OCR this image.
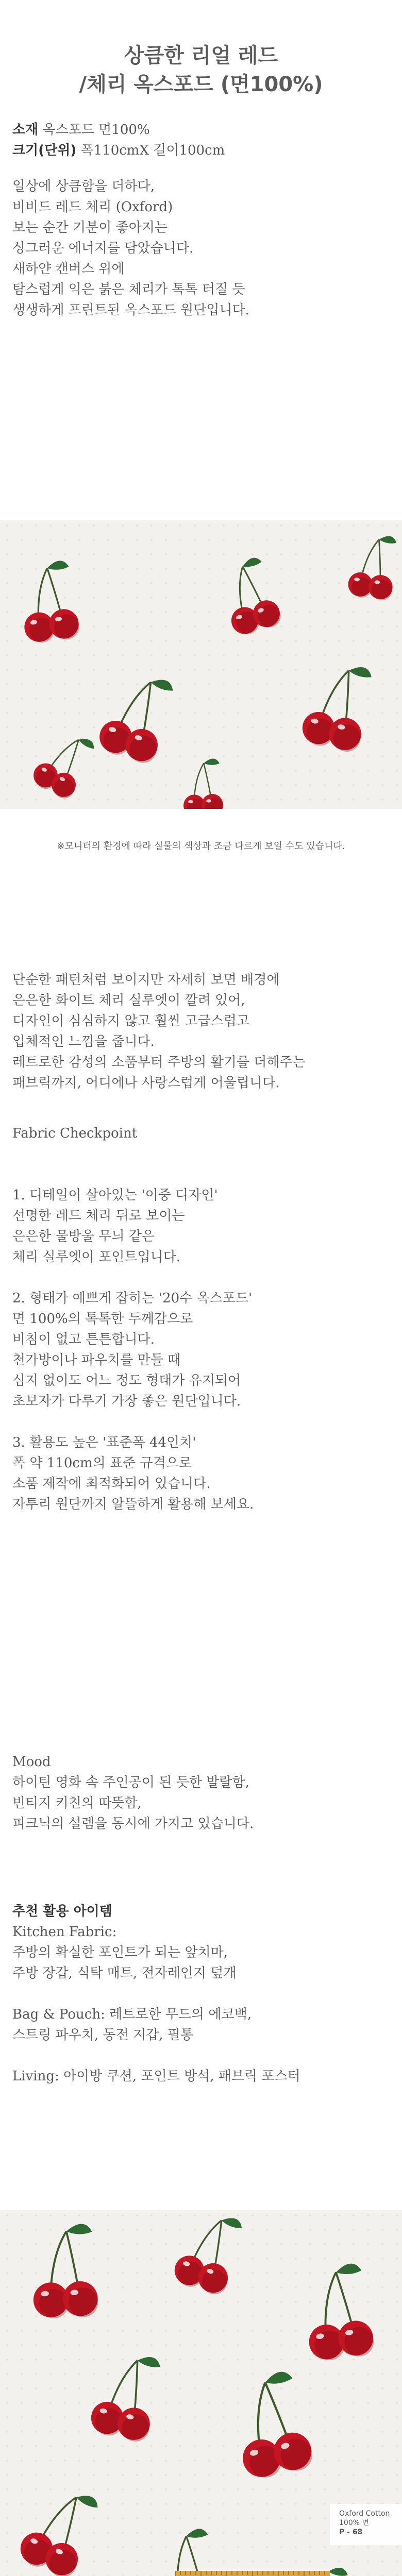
상큼한 리얼 레드
/체리 옥스포드 (면100%)
소재 옥스포드 면100%
크기(단위) 폭110cmX 길이100cm
일상에 상큼함을 더하다,
비비드 레드 체리 (Oxford)
보는 순간 기분이 좋아지는
싱그러운 에너지를 담았습니다.
새하얀 캔버스 위에
탐스럽게 익은 붉은 체리가 톡톡 터질 듯
생생하게 프린트된 옥스포드 원단입니다.
※모니터의 환경에 따라 실물의 색상과 조금 다르게 보일 수도 있습니다.
단순한 패턴처럼 보이지만 자세히 보면 배경에
은은한 화이트 체리 실루엣이 깔려 있어,
디자인이 심심하지 않고 훨씬 고급스럽고
입체적인 느낌을 줍니다.
레트로한 감성의 소품부터 주방의 활기를 더해주는
패브릭까지, 어디에나 사랑스럽게 어울립니다.
Fabric Checkpoint
1. 디테일이 살아있는 '이중 디자인'
선명한 레드 체리 뒤로 보이는
은은한 물방울 무늬 같은
체리 실루엣이 포인트입니다.
2. 형태가 예쁘게 잡히는 '20수 옥스포드'
면 100%의 톡톡한 두께감으로
비침이 없고 튼튼합니다.
천가방이나 파우치를 만들 때
심지 없이도 어느 정도 형태가 유지되어
초보자가 다루기 가장 좋은 원단입니다.
3. 활용도 높은 '표준폭 44인치'
폭 약 110cm의 표준 규격으로
소품 제작에 최적화되어 있습니다.
자투리 원단까지 알뜰하게 활용해 보세요.
Mood
하이틴 영화 속 주인공이 된 듯한 발랄함,
빈티지 키친의 따뜻함,
피크닉의 설렘을 동시에 가지고 있습니다.
추천 활용 아이템
Kitchen Fabric:
주방의 확실한 포인트가 되는 앞치마,
주방 장갑, 식탁 매트, 전자레인지 덮개
Bag & Pouch: 레트로한 무드의 에코백,
스트링 파우치, 동전 지갑, 필통
Living: 아이방 쿠션, 포인트 방석, 패브릭 포스터
Oxford Cotton
100% 면
P - 68
